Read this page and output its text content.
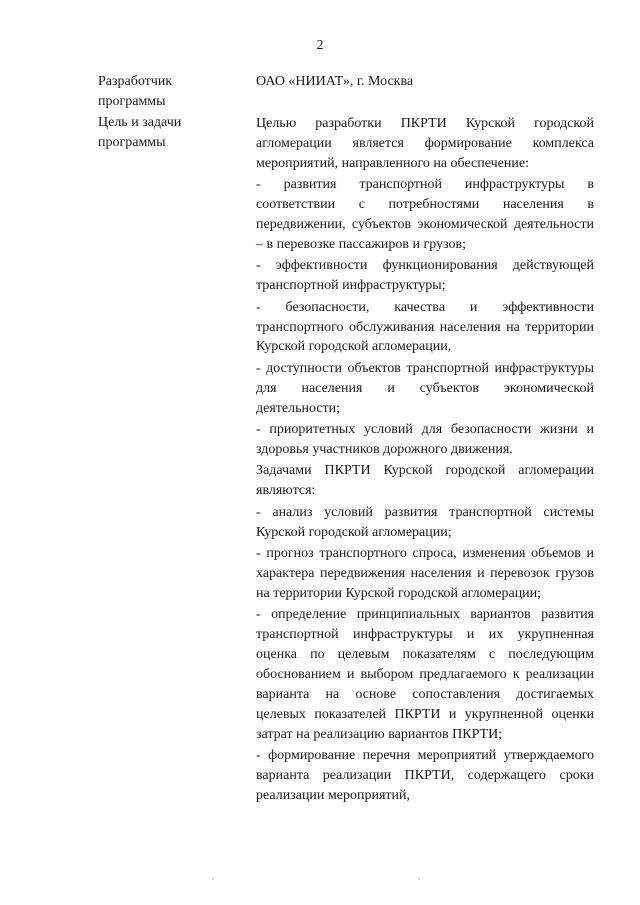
2
Разработчик программы
ОАО «НИИАТ», г. Москва
Цель и задачи программы

Целью разработки ПКРТИ Курской городской агломерации является формирование комплекса мероприятий, направленного на обеспечение:

- развития транспортной инфраструктуры в соответствии с потребностями населения в передвижении, субъектов экономической деятельности – в перевозке пассажиров и грузов;

- эффективности функционирования действующей транспортной инфраструктуры;

- безопасности, качества и эффективности транспортного обслуживания населения на территории Курской городской агломерации,

- доступности объектов транспортной инфраструктуры для населения и субъектов экономической деятельности;

- приоритетных условий для безопасности жизни и здоровья участников дорожного движения.

Задачами ПКРТИ Курской городской агломерации являются:

- анализ условий развития транспортной системы Курской городской агломерации;

- прогноз транспортного спроса, изменения объемов и характера передвижения населения и перевозок грузов на территории Курской городской агломерации;

- определение принципиальных вариантов развития транспортной инфраструктуры и их укрупненная оценка по целевым показателям с последующим обоснованием и выбором предлагаемого к реализации варианта на основе сопоставления достигаемых целевых показателей ПКРТИ и укрупненной оценки затрат на реализацию вариантов ПКРТИ;

- формирование перечня мероприятий утверждаемого варианта реализации ПКРТИ, содержащего сроки реализации мероприятий,
